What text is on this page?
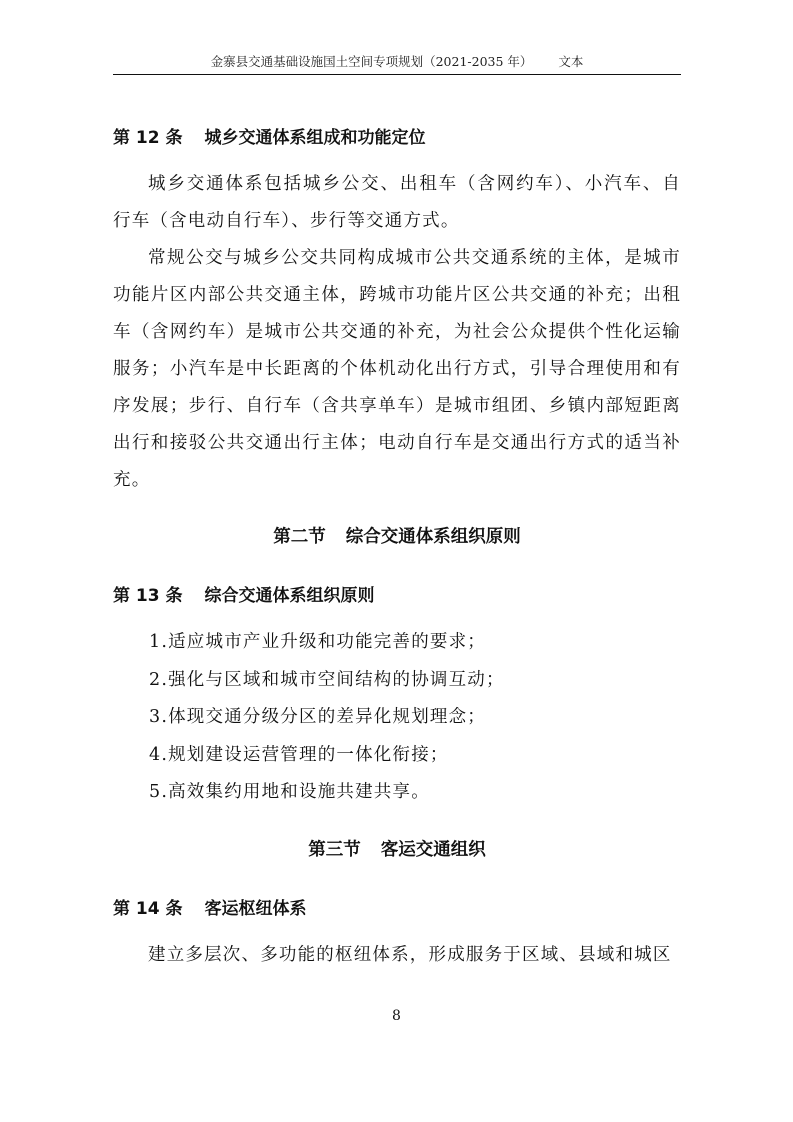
金寨县交通基础设施国土空间专项规划（2021-2035 年） 文本
第 12 条 城乡交通体系组成和功能定位

城乡交通体系包括城乡公交、出租车（含网约车）、小汽车、自行车（含电动自行车）、步行等交通方式。

常规公交与城乡公交共同构成城市公共交通系统的主体，是城市功能片区内部公共交通主体，跨城市功能片区公共交通的补充；出租车（含网约车）是城市公共交通的补充，为社会公众提供个性化运输服务；小汽车是中长距离的个体机动化出行方式，引导合理使用和有序发展；步行、自行车（含共享单车）是城市组团、乡镇内部短距离出行和接驳公共交通出行主体；电动自行车是交通出行方式的适当补充。

第二节 综合交通体系组织原则
第 13 条 综合交通体系组织原则
1.适应城市产业升级和功能完善的要求；
2.强化与区域和城市空间结构的协调互动；
3.体现交通分级分区的差异化规划理念；
4.规划建设运营管理的一体化衔接；
5.高效集约用地和设施共建共享。
第三节 客运交通组织
第 14 条 客运枢纽体系

建立多层次、多功能的枢纽体系，形成服务于区域、县域和城区

8
